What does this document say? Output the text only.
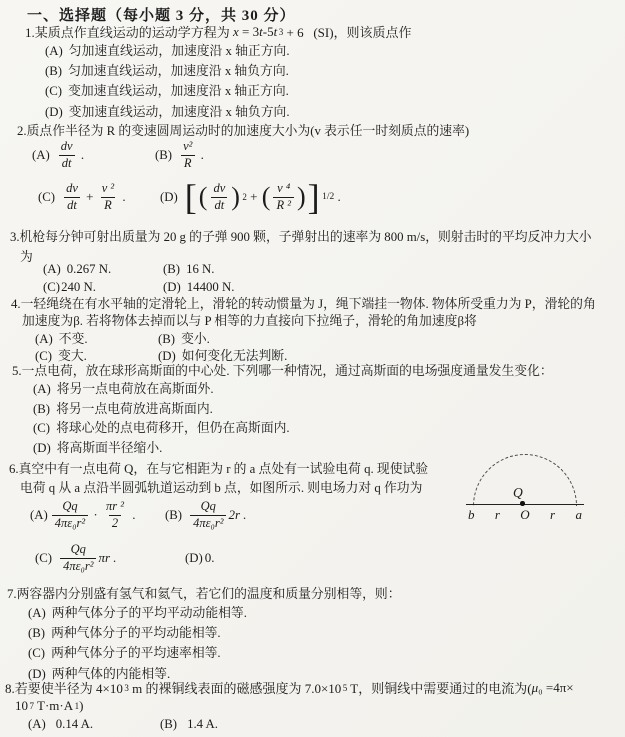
一、选择题（每小题 3 分，共 30 分）
1.某质点作直线运动的运动学方程为 x = 3 t -5 t 3 + 6   (SI)，则该质点作
(A) 匀加速直线运动，加速度沿 x 轴正方向.
(B) 匀加速直线运动，加速度沿 x 轴负方向.
(C) 变加速直线运动，加速度沿 x 轴正方向.
(D) 变加速直线运动，加速度沿 x 轴负方向.
2.质点作半径为 R 的变速圆周运动时的加速度大小为(v 表示任一时刻质点的速率)
$(A) \frac{dv}{dt}$ .	$(B) \frac{\text{v²}}{R}$ .
$(C) \frac{dv}{dt} + \frac{\text{v ²}}{R}$ .	(D) [ ( $\frac{dv}{dt}$ ) 2 + ( $\frac{\text{v ⁴}}{\text{R ²}}$ ) ] 1/2 .
3.机枪每分钟可射出质量为 20 g 的子弹 900 颗，子弹射出的速率为 800 m/s，则射击时的平均反冲力大小
为
(A) 0.267 N.	(B) 16 N.
(C)240 N.	(D) 14400 N.
4.一轻绳绕在有水平轴的定滑轮上，滑轮的转动惯量为 J，绳下端挂一物体. 物体所受重力为 P，滑轮的角
加速度为β. 若将物体去掉而以与 P 相等的力直接向下拉绳子，滑轮的角加速度β将
(A) 不变.	(B) 变小.
(C) 变大.	(D) 如何变化无法判断.
5.一点电荷，放在球形高斯面的中心处. 下列哪一种情况，通过高斯面的电场强度通量发生变化：
(A) 将另一点电荷放在高斯面外.
(B) 将另一点电荷放进高斯面内.
(C) 将球心处的点电荷移开，但仍在高斯面内.
(D) 将高斯面半径缩小.
6.真空中有一点电荷 Q，在与它相距为 r 的 a 点处有一试验电荷 q. 现使试验
电荷 q 从 a 点沿半圆弧轨道运动到 b 点，如图所示. 则电场力对 q 作功为
$(A) \frac{Qq}{\text{4πε₀r²}} \cdot \frac{\text{πr ²}}{2}$ . $(B) \frac{Qq}{\text{4πε₀r²}} 2r$ .
$(C) \frac{Qq}{\text{4πε₀r²}}$ πr .	(D) 0.
Q
b r O r a
7.两容器内分别盛有氢气和氦气，若它们的温度和质量分别相等，则：
(A) 两种气体分子的平均平动动能相等.
(B) 两种气体分子的平均动能相等.
(C) 两种气体分子的平均速率相等.
(D) 两种气体的内能相等.
8.若要使半径为 4×10 3 m 的裸铜线表面的磁感强度为 7.0×10 5 T，则铜线中需要通过的电流为( μ ₀ =4π×
10 7 T·m·A 1 )
(A) 0.14 A.	(B) 1.4 A.
